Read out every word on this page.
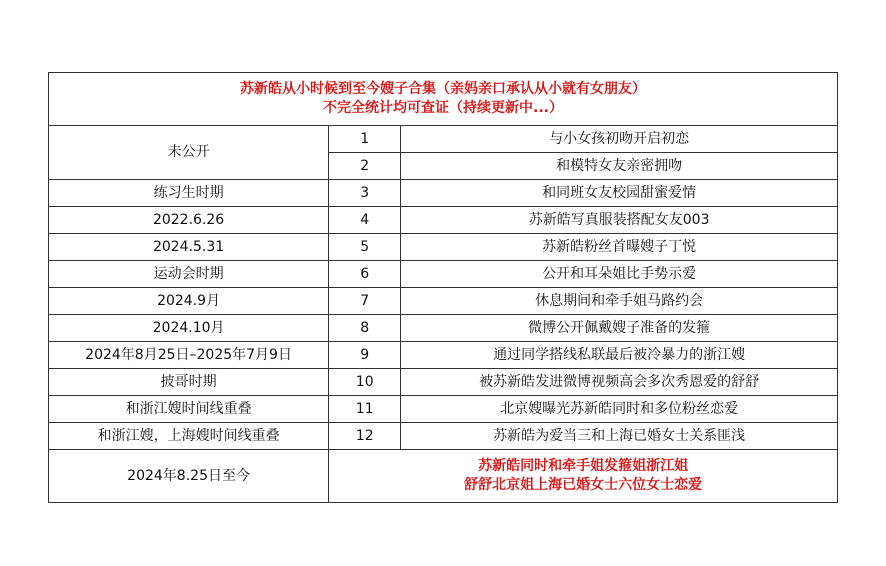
苏新皓从小时候到至今嫂子合集（亲妈亲口承认从小就有女朋友）
不完全统计均可查证（持续更新中...）		

未公开	1	与小女孩初吻开启初恋
	2	和模特女友亲密拥吻
练习生时期	3	和同班女友校园甜蜜爱情
2022.6.26	4	苏新皓写真服装搭配女友003
2024.5.31	5	苏新皓粉丝首曝嫂子丁悦
运动会时期	6	公开和耳朵姐比手势示爱
2024.9月	7	休息期间和牵手姐马路约会
2024.10月	8	微博公开佩戴嫂子准备的发箍
2024年8月25日–2025年7月9日	9	通过同学搭线私联最后被冷暴力的浙江嫂
披哥时期	10	被苏新皓发进微博视频高会多次秀恩爱的舒舒
和浙江嫂时间线重叠	11	北京嫂曝光苏新皓同时和多位粉丝恋爱
和浙江嫂，上海嫂时间线重叠	12	苏新皓为爱当三和上海已婚女士关系匪浅
2024年8.25日至今	苏新皓同时和牵手姐发箍姐浙江姐
舒舒北京姐上海已婚女士六位女士恋爱	
